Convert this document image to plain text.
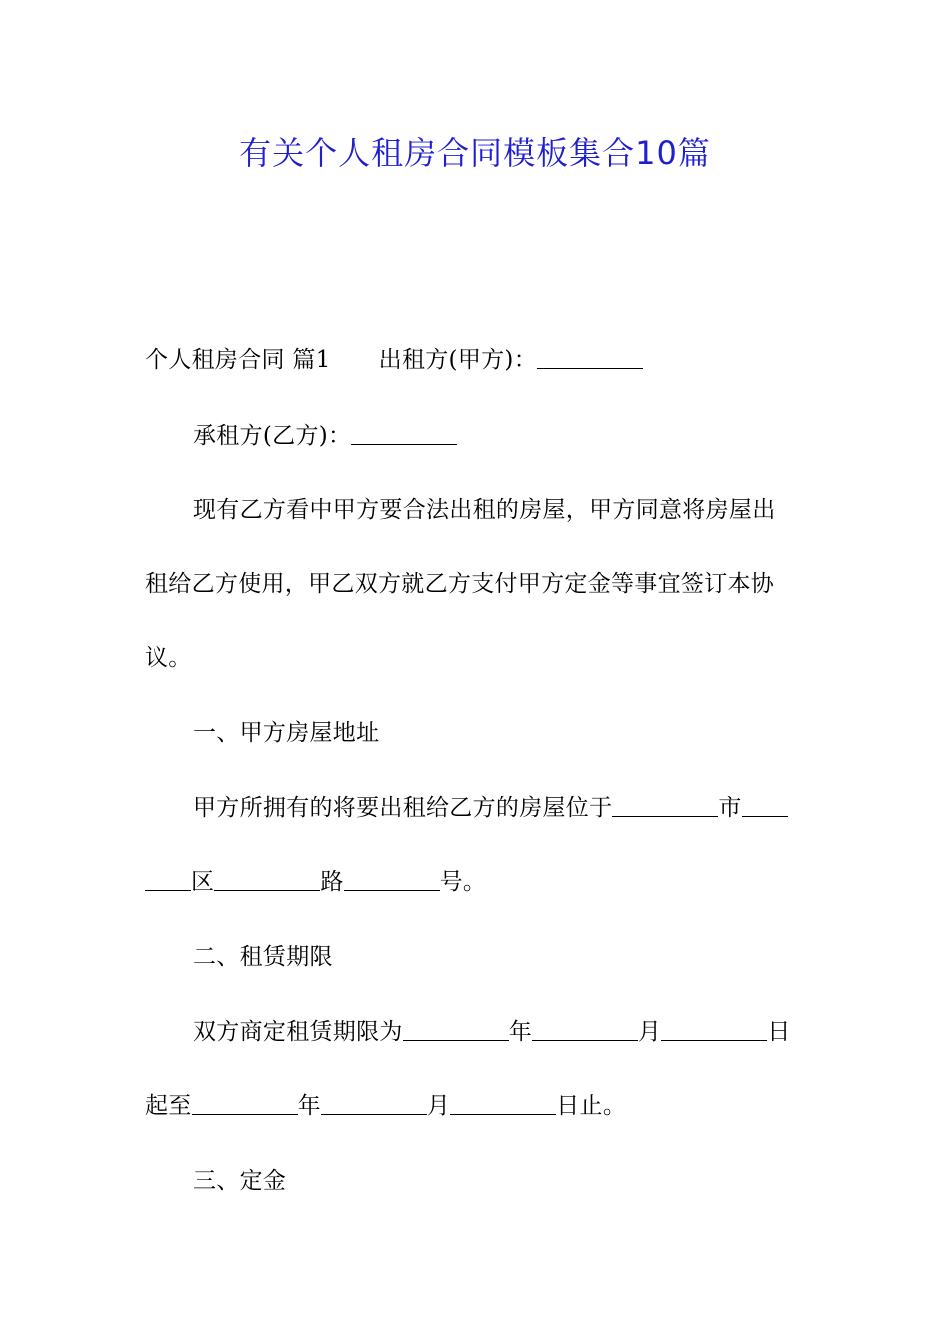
有关个人租房合同模板集合10篇
个人租房合同 篇1 出租方(甲方)：
承租方(乙方)：
现有乙方看中甲方要合法出租的房屋，甲方同意将房屋出
租给乙方使用，甲乙双方就乙方支付甲方定金等事宜签订本协
议。
一、甲方房屋地址
甲方所拥有的将要出租给乙方的房屋位于	市
区	路	号。
二、租赁期限
双方商定租赁期限为	年	月	日
起至	年	月	日止。
三、定金
